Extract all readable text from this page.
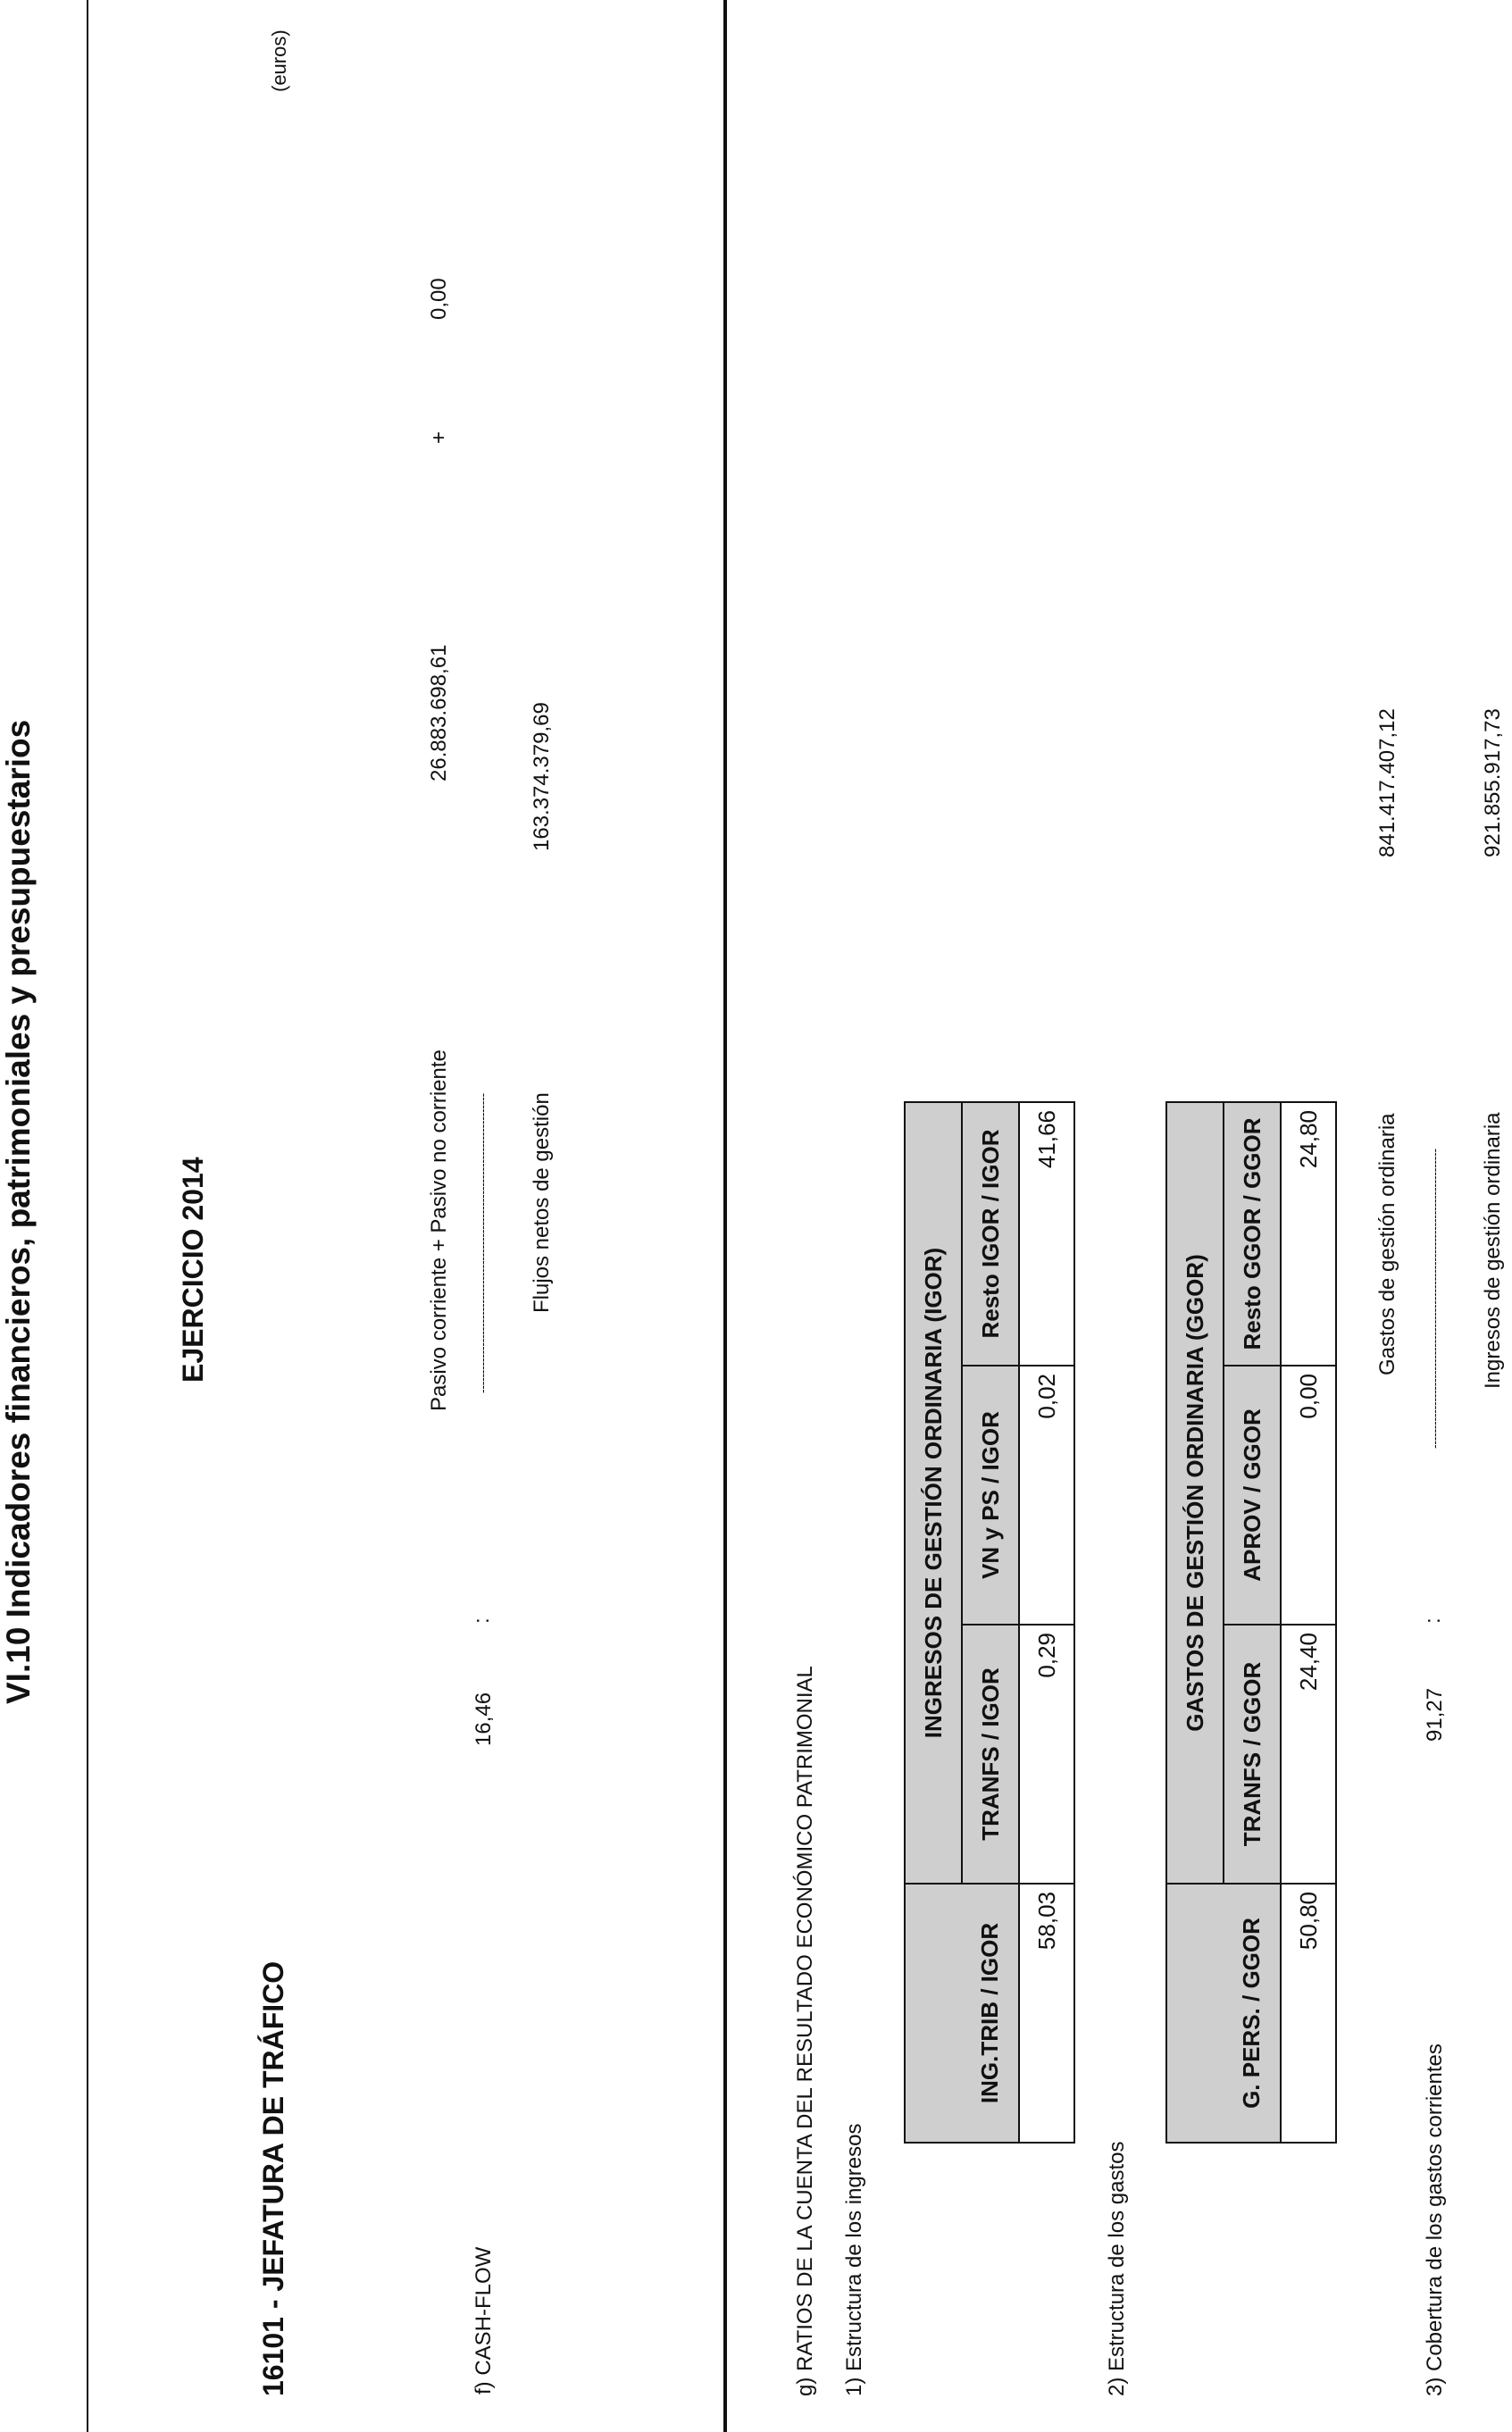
VI.10 Indicadores financieros, patrimoniales y presupuestarios	EJERCICIO 2014
16101 - JEFATURA DE TRÁFICO
(euros)
f) CASH-FLOW
16,46
:
Pasivo corriente + Pasivo no corriente
26.883.698,61
+
0,00
----------------------------------------------------------------------------- Flujos netos de gestión
163.374.379,69
g) RATIOS DE LA CUENTA DEL RESULTADO ECONÓMICO PATRIMONIAL 1) Estructura de los ingresos
	INGRESOS DE GESTIÓN ORDINARIA (IGOR)		
ING.TRIB / IGOR	TRANFS / IGOR	VN y PS / IGOR	Resto IGOR / IGOR
58,03	0,29	0,02	41,66
2) Estructura de los gastos
	GASTOS DE GESTIÓN ORDINARIA (GGOR)		
G. PERS. / GGOR	TRANFS / GGOR	APROV / GGOR	Resto GGOR / GGOR
50,80	24,40	0,00	24,80
3) Cobertura de los gastos corrientes
91,27
:
Gastos de gestión ordinaria
841.417.407,12
----------------------------------------------------------------------------- Ingresos de gestión ordinaria
921.855.917,73
